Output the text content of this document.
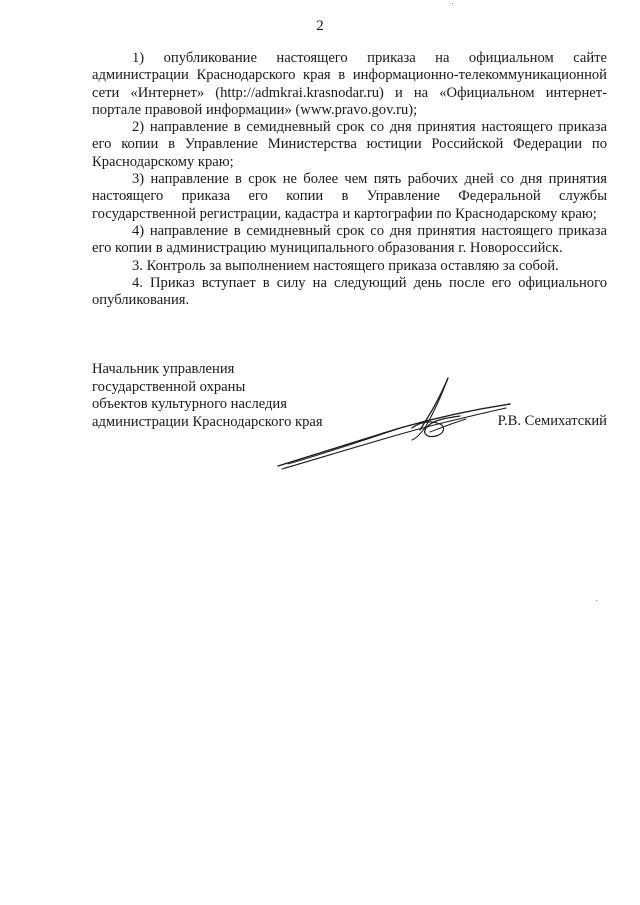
2

1) опубликование настоящего приказа на официальном сайте администрации Краснодарского края в информационно-телекоммуникационной сети «Интернет» (http://admkrai.krasnodar.ru) и на «Официальном интернет-портале правовой информации» (www.pravo.gov.ru);

2) направление в семидневный срок со дня принятия настоящего приказа его копии в Управление Министерства юстиции Российской Федерации по Краснодарскому краю;

3) направление в срок не более чем пять рабочих дней со дня принятия настоящего приказа его копии в Управление Федеральной службы государственной регистрации, кадастра и картографии по Краснодарскому краю;

4) направление в семидневный срок со дня принятия настоящего приказа его копии в администрацию муниципального образования г. Новороссийск.

3. Контроль за выполнением настоящего приказа оставляю за собой.

4. Приказ вступает в силу на следующий день после его официального опубликования.

Начальник управления
государственной охраны
объектов культурного наследия
администрации Краснодарского края	Р.В. Семихатский
